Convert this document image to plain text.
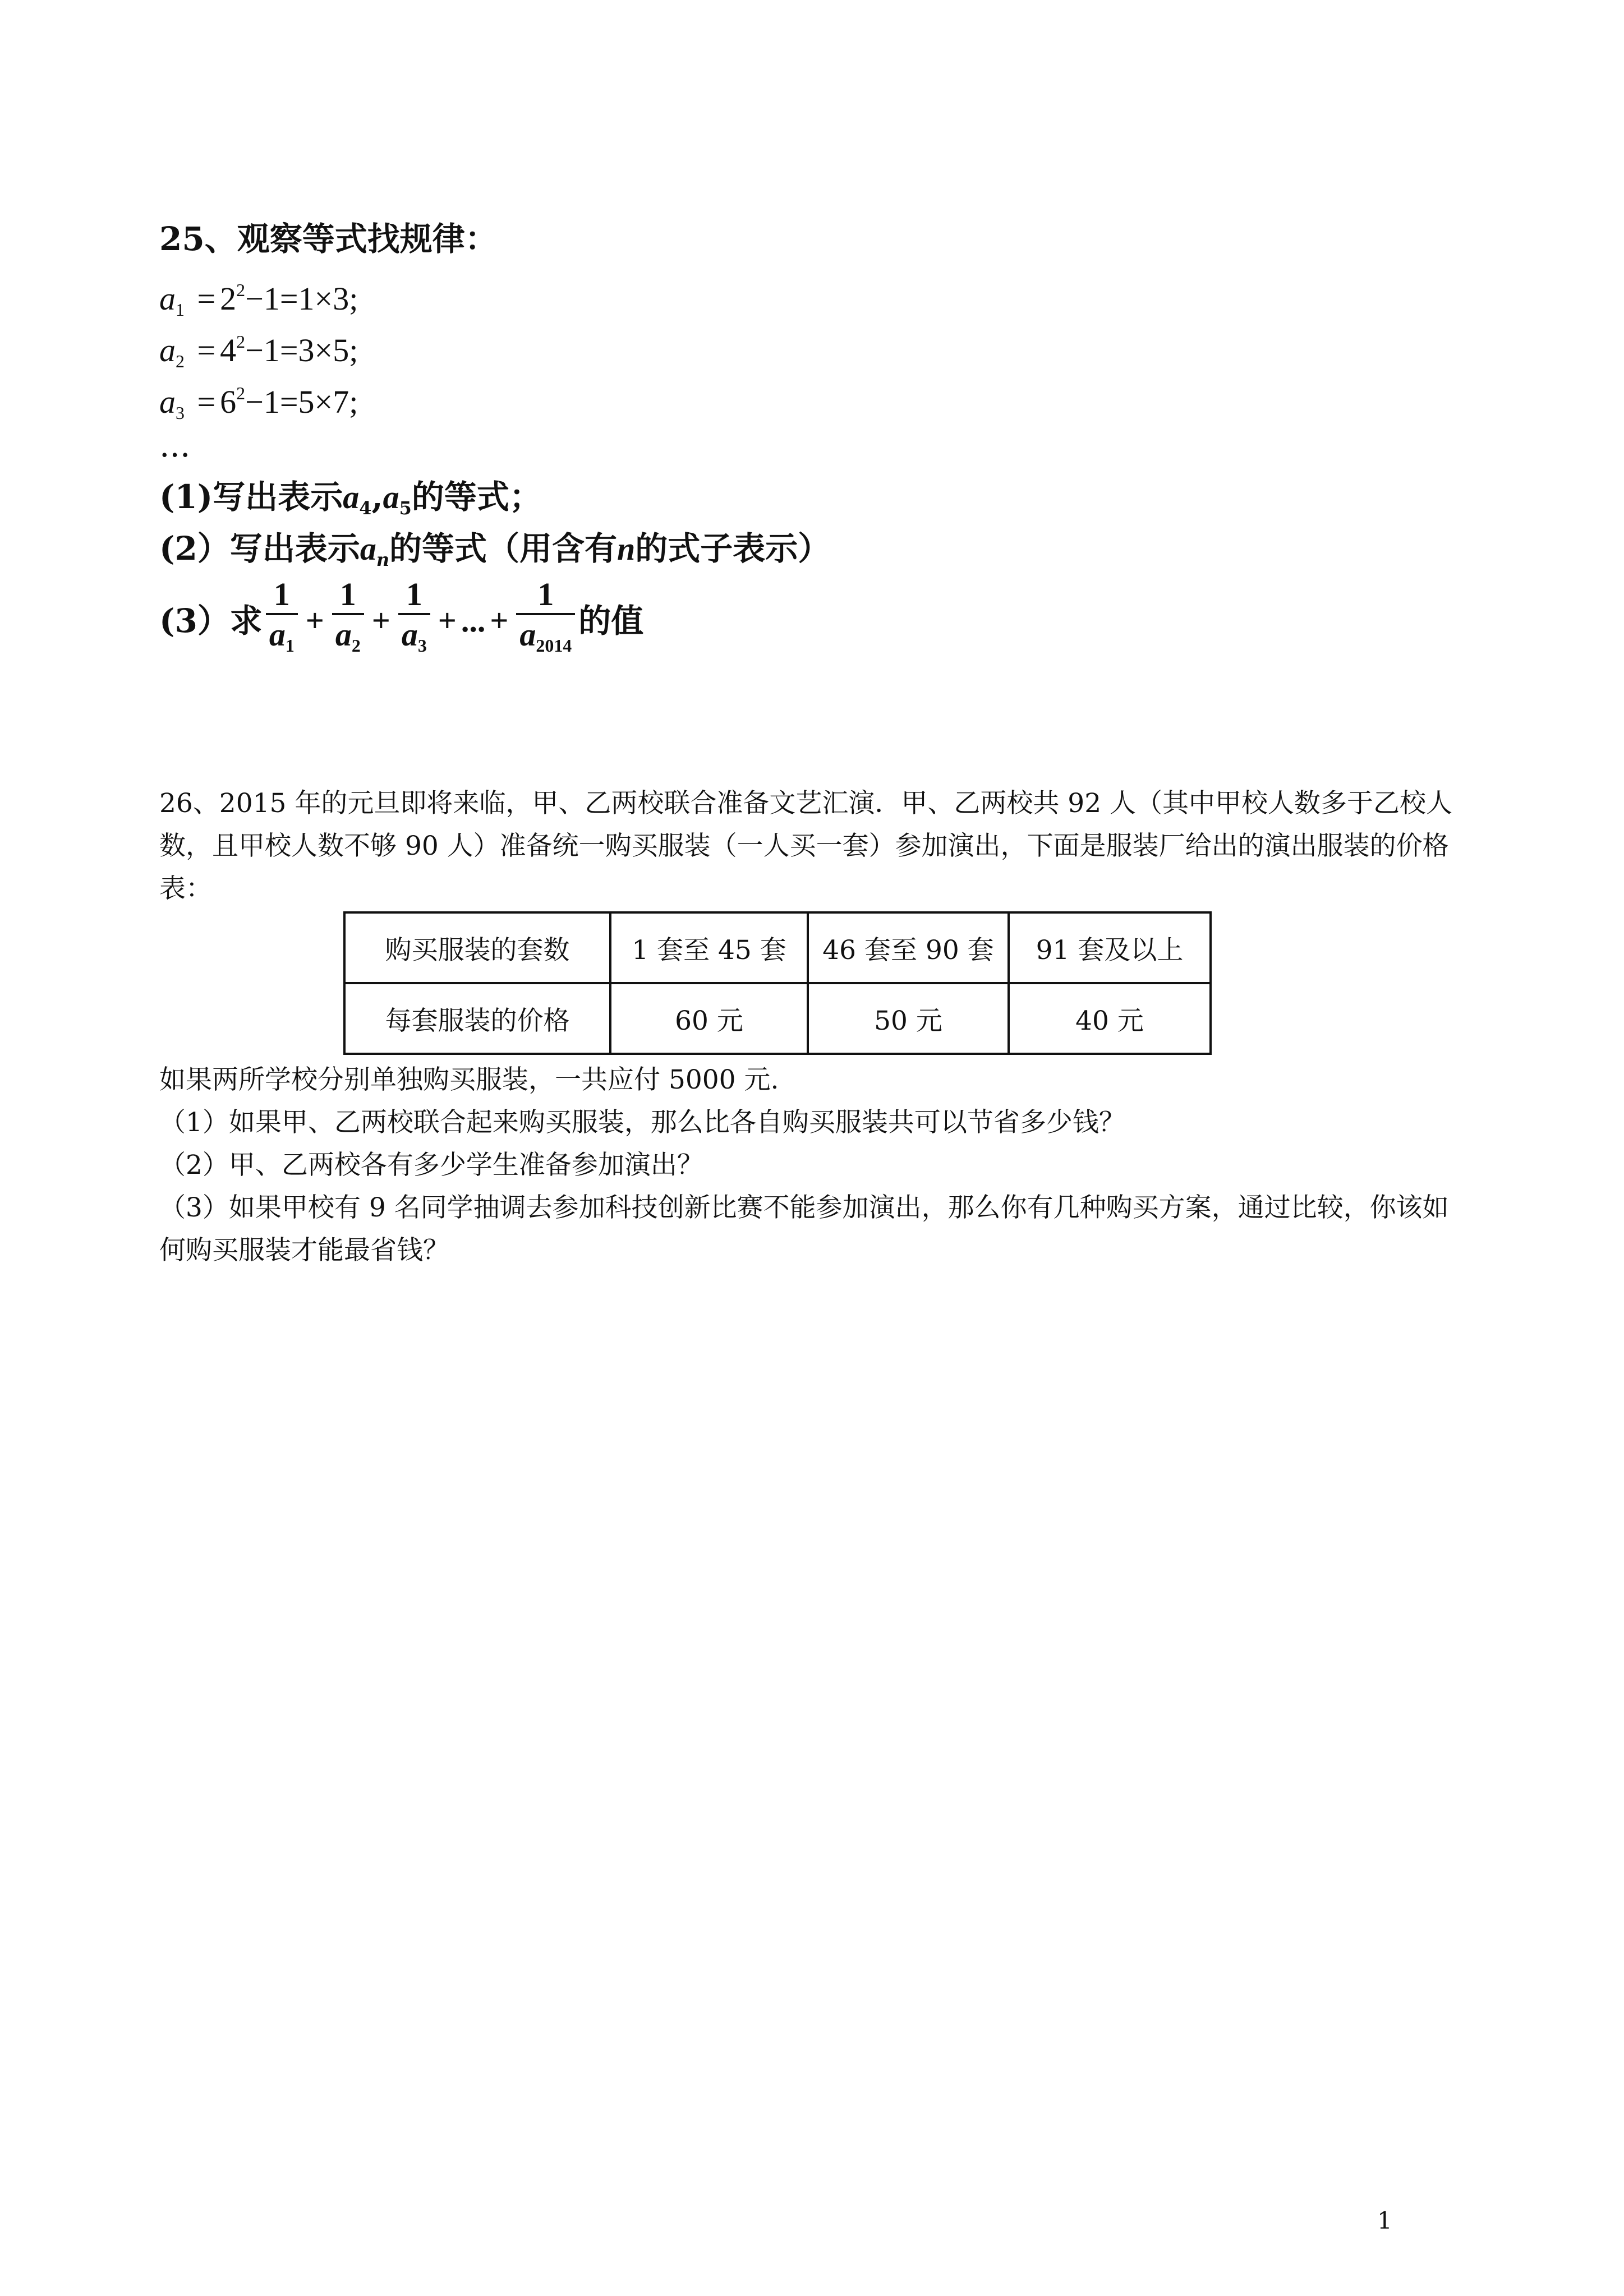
25、观察等式找规律：
$a_1 = 2^2-1=1\times 3$;
$a_2 = 4^2-1=3\times 5$;
$a_3 = 6^2-1=5\times 7$;
...
(1)写出表示$a_4,a_5$的等式；
(2）写出表示$a_n$的等式（用含有n的式子表示）
(3）求 $\frac{1}{a_1} + \frac{1}{a_2} + \frac{1}{a_3}$ + ... + $\frac{1}{a_{2014}}$ 的值

26、2015 年的元旦即将来临，甲、乙两校联合准备文艺汇演．甲、乙两校共 92 人（其中甲校人数多于乙校人数，且甲校人数不够 90 人）准备统一购买服装（一人买一套）参加演出，下面是服装厂给出的演出服装的价格表：

购买服装的套数	1 套至 45 套	46 套至 90 套	91 套及以上
每套服装的价格	60 元	50 元	40 元

如果两所学校分别单独购买服装，一共应付 5000 元.

（1）如果甲、乙两校联合起来购买服装，那么比各自购买服装共可以节省多少钱？

（2）甲、乙两校各有多少学生准备参加演出？

（3）如果甲校有 9 名同学抽调去参加科技创新比赛不能参加演出，那么你有几种购买方案，通过比较，你该如何购买服装才能最省钱？

1
